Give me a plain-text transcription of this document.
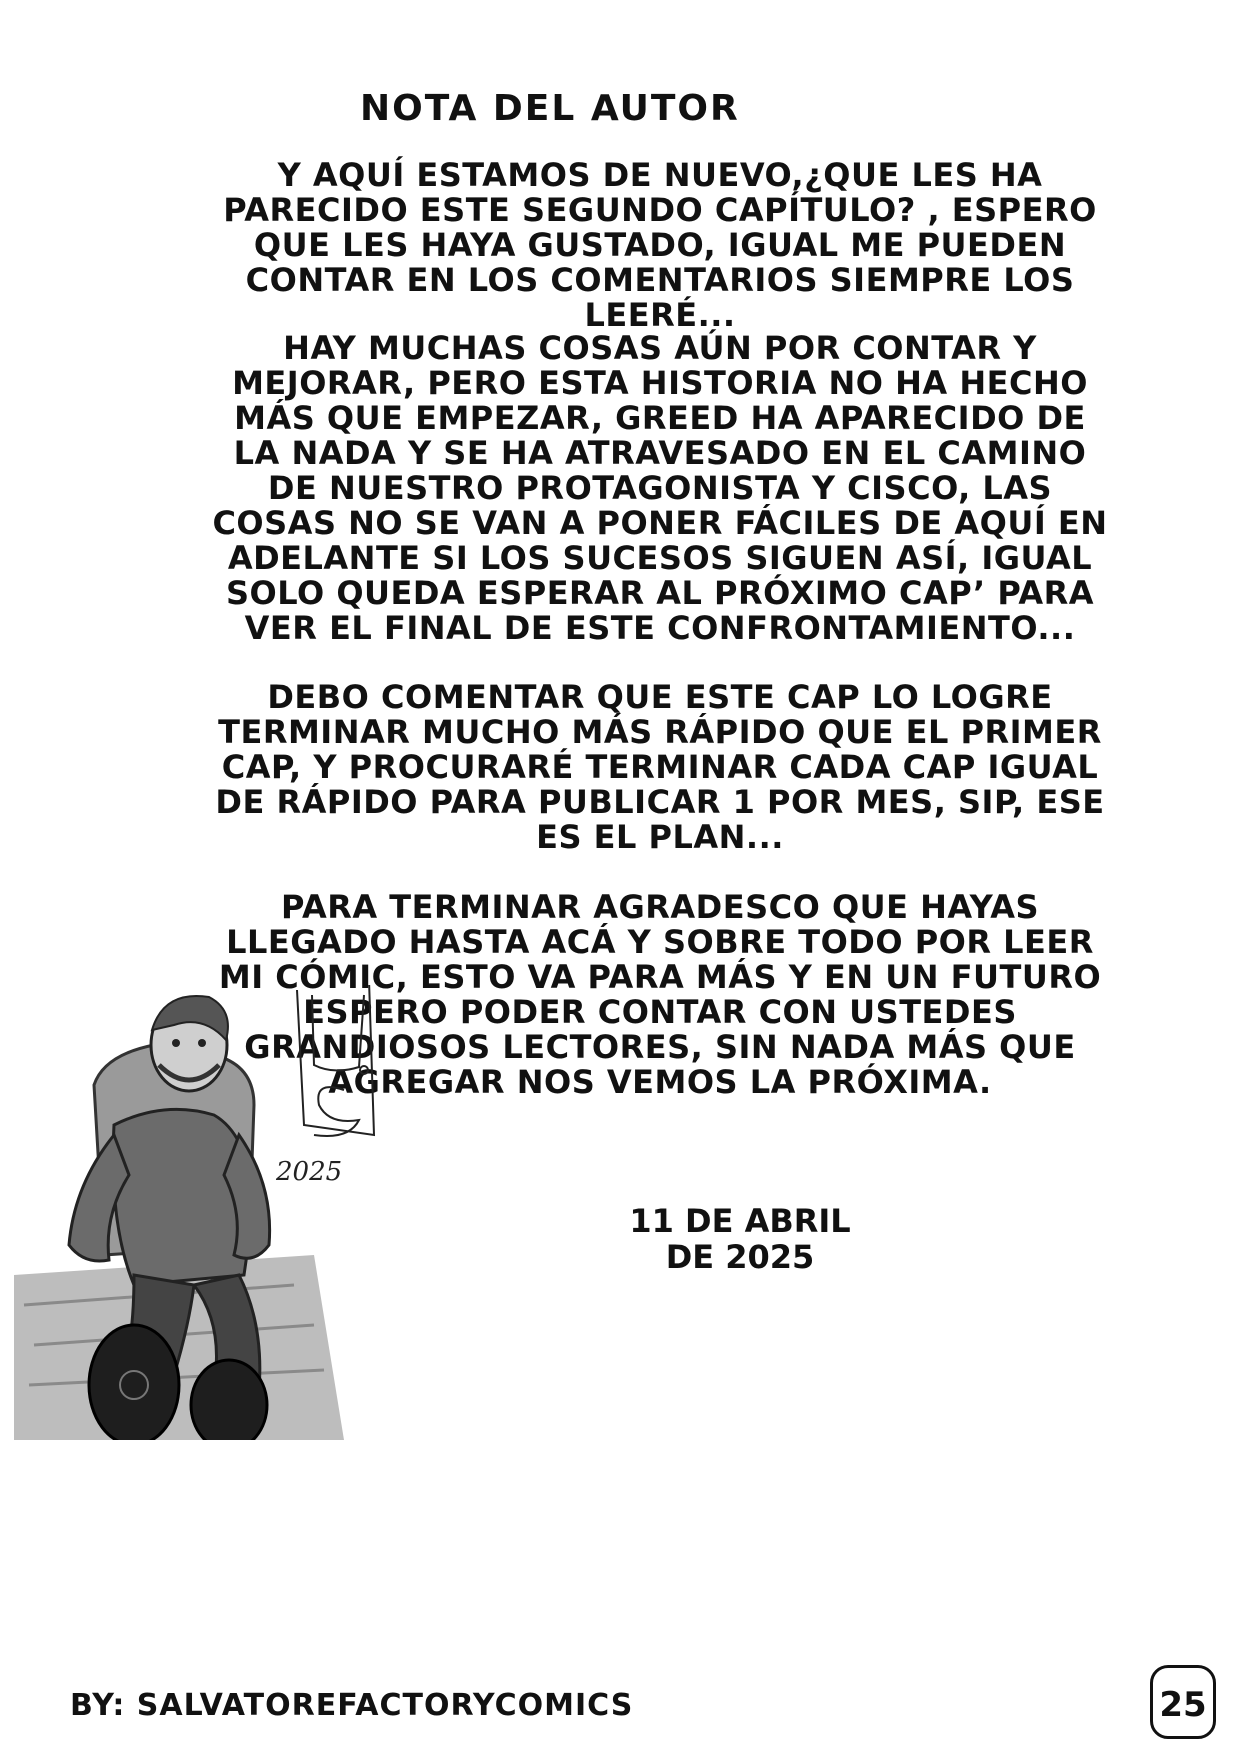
NOTA DEL AUTOR

Y AQUÍ ESTAMOS DE NUEVO,¿QUE LES HA PARECIDO ESTE SEGUNDO CAPÍTULO? , ESPERO QUE LES HAYA GUSTADO, IGUAL ME PUEDEN CONTAR EN LOS COMENTARIOS SIEMPRE LOS LEERÉ...

HAY MUCHAS COSAS AÚN POR CONTAR Y MEJORAR, PERO ESTA HISTORIA NO HA HECHO MÁS QUE EMPEZAR, GREED HA APARECIDO DE LA NADA Y SE HA ATRAVESADO EN EL CAMINO DE NUESTRO PROTAGONISTA Y CISCO, LAS COSAS NO SE VAN A PONER FÁCILES DE AQUÍ EN ADELANTE SI LOS SUCESOS SIGUEN ASÍ, IGUAL SOLO QUEDA ESPERAR AL PRÓXIMO CAP’ PARA VER EL FINAL DE ESTE CONFRONTAMIENTO...

DEBO COMENTAR QUE ESTE CAP LO LOGRE TERMINAR MUCHO MÁS RÁPIDO QUE EL PRIMER CAP, Y PROCURARÉ TERMINAR CADA CAP IGUAL DE RÁPIDO PARA PUBLICAR 1 POR MES, SIP, ESE ES EL PLAN...

PARA TERMINAR AGRADESCO QUE HAYAS LLEGADO HASTA ACÁ Y SOBRE TODO POR LEER MI CÓMIC, ESTO VA PARA MÁS Y EN UN FUTURO ESPERO PODER CONTAR CON USTEDES GRANDIOSOS LECTORES, SIN NADA MÁS QUE AGREGAR NOS VEMOS LA PRÓXIMA.

2025
11 DE ABRIL
DE 2025
BY: SALVATOREFACTORYCOMICS	25
